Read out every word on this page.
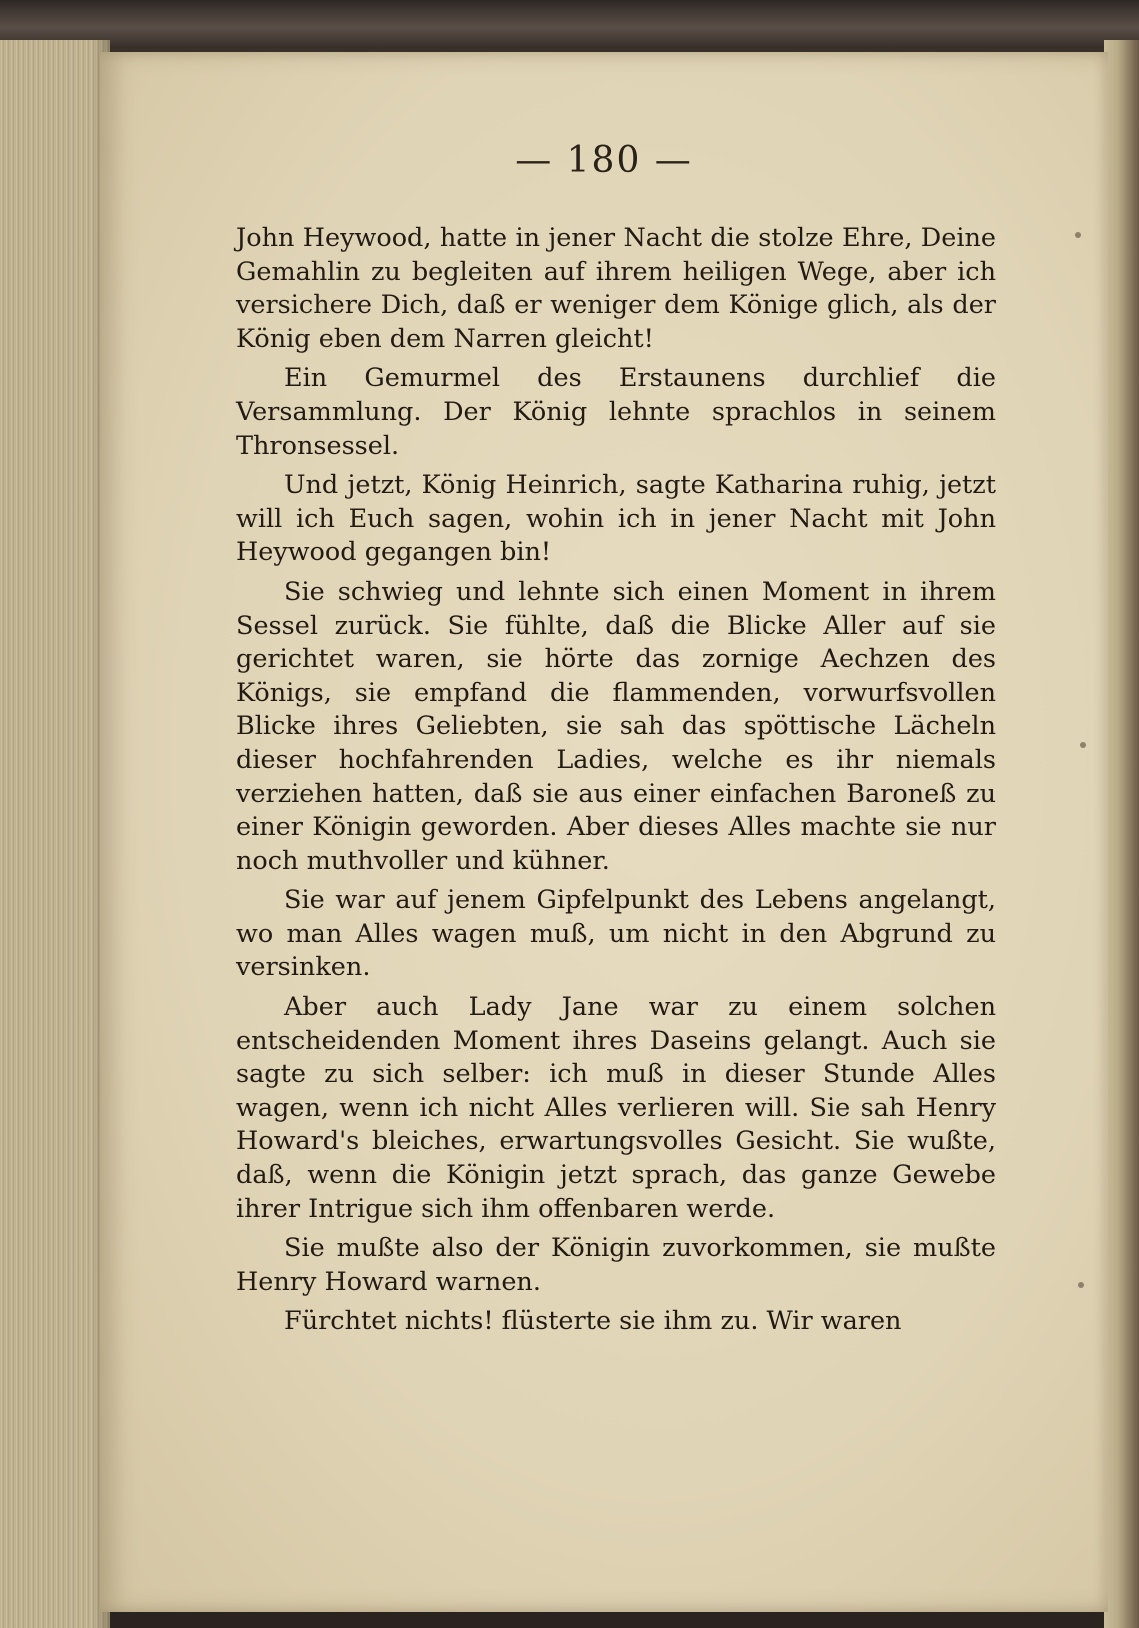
— 180 —

John Heywood, hatte in jener Nacht die stolze Ehre, Deine Gemahlin zu begleiten auf ihrem heiligen Wege, aber ich versichere Dich, daß er weniger dem Könige glich, als der König eben dem Narren gleicht!

Ein Gemurmel des Erstaunens durchlief die Versammlung. Der König lehnte sprachlos in seinem Thronsessel.

Und jetzt, König Heinrich, sagte Katharina ruhig, jetzt will ich Euch sagen, wohin ich in jener Nacht mit John Heywood gegangen bin!

Sie schwieg und lehnte sich einen Moment in ihrem Sessel zurück. Sie fühlte, daß die Blicke Aller auf sie gerichtet waren, sie hörte das zornige Aechzen des Königs, sie empfand die flammenden, vorwurfsvollen Blicke ihres Geliebten, sie sah das spöttische Lächeln dieser hochfahrenden Ladies, welche es ihr niemals verziehen hatten, daß sie aus einer einfachen Baroneß zu einer Königin geworden. Aber dieses Alles machte sie nur noch muthvoller und kühner.

Sie war auf jenem Gipfelpunkt des Lebens angelangt, wo man Alles wagen muß, um nicht in den Abgrund zu versinken.

Aber auch Lady Jane war zu einem solchen entscheidenden Moment ihres Daseins gelangt. Auch sie sagte zu sich selber: ich muß in dieser Stunde Alles wagen, wenn ich nicht Alles verlieren will. Sie sah Henry Howard's bleiches, erwartungsvolles Gesicht. Sie wußte, daß, wenn die Königin jetzt sprach, das ganze Gewebe ihrer Intrigue sich ihm offenbaren werde.

Sie mußte also der Königin zuvorkommen, sie mußte Henry Howard warnen.

Fürchtet nichts! flüsterte sie ihm zu. Wir waren
